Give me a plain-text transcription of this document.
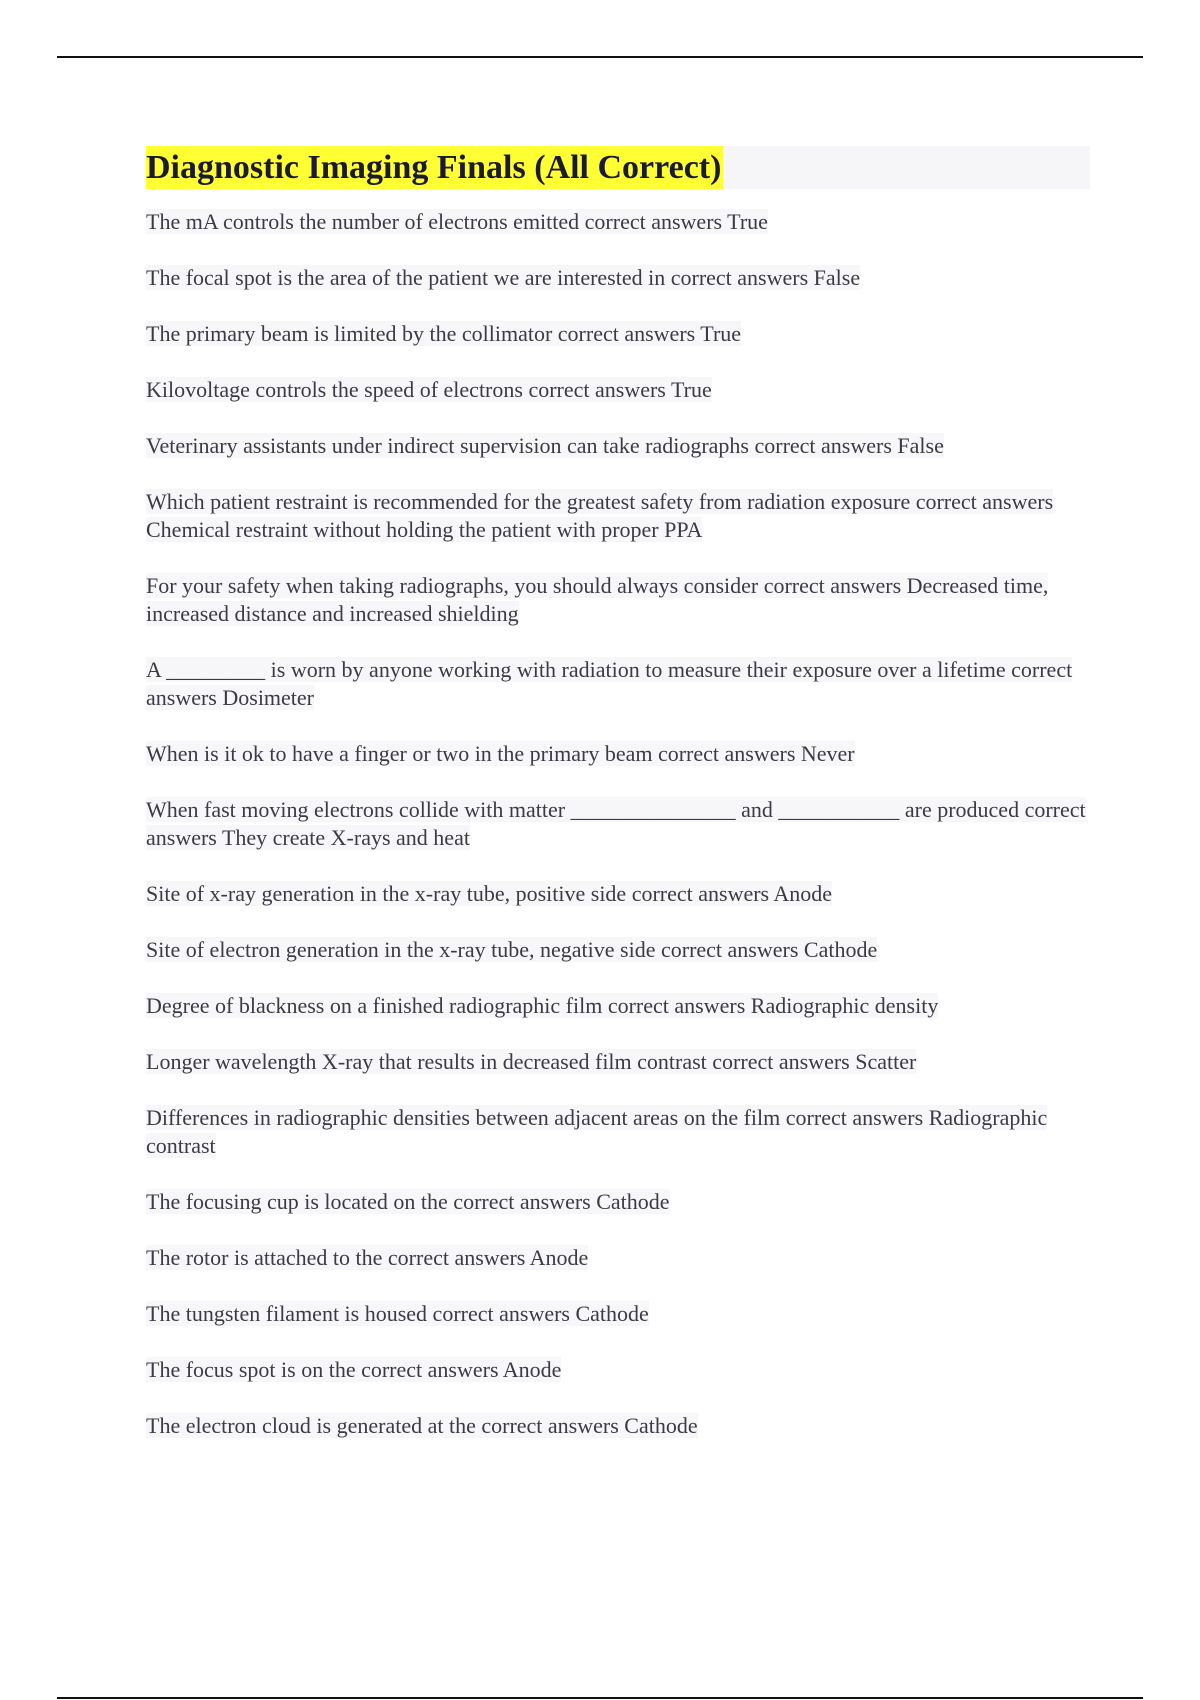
Diagnostic Imaging Finals (All Correct)
The mA controls the number of electrons emitted correct answers True
The focal spot is the area of the patient we are interested in correct answers False
The primary beam is limited by the collimator correct answers True
Kilovoltage controls the speed of electrons correct answers True
Veterinary assistants under indirect supervision can take radiographs correct answers False
Which patient restraint is recommended for the greatest safety from radiation exposure correct answers Chemical restraint without holding the patient with proper PPA
For your safety when taking radiographs, you should always consider correct answers Decreased time, increased distance and increased shielding
A _________ is worn by anyone working with radiation to measure their exposure over a lifetime correct answers Dosimeter
When is it ok to have a finger or two in the primary beam correct answers Never
When fast moving electrons collide with matter _______________ and ___________ are produced correct answers They create X-rays and heat
Site of x-ray generation in the x-ray tube, positive side correct answers Anode
Site of electron generation in the x-ray tube, negative side correct answers Cathode
Degree of blackness on a finished radiographic film correct answers Radiographic density
Longer wavelength X-ray that results in decreased film contrast correct answers Scatter
Differences in radiographic densities between adjacent areas on the film correct answers Radiographic contrast
The focusing cup is located on the correct answers Cathode
The rotor is attached to the correct answers Anode
The tungsten filament is housed correct answers Cathode
The focus spot is on the correct answers Anode
The electron cloud is generated at the correct answers Cathode
